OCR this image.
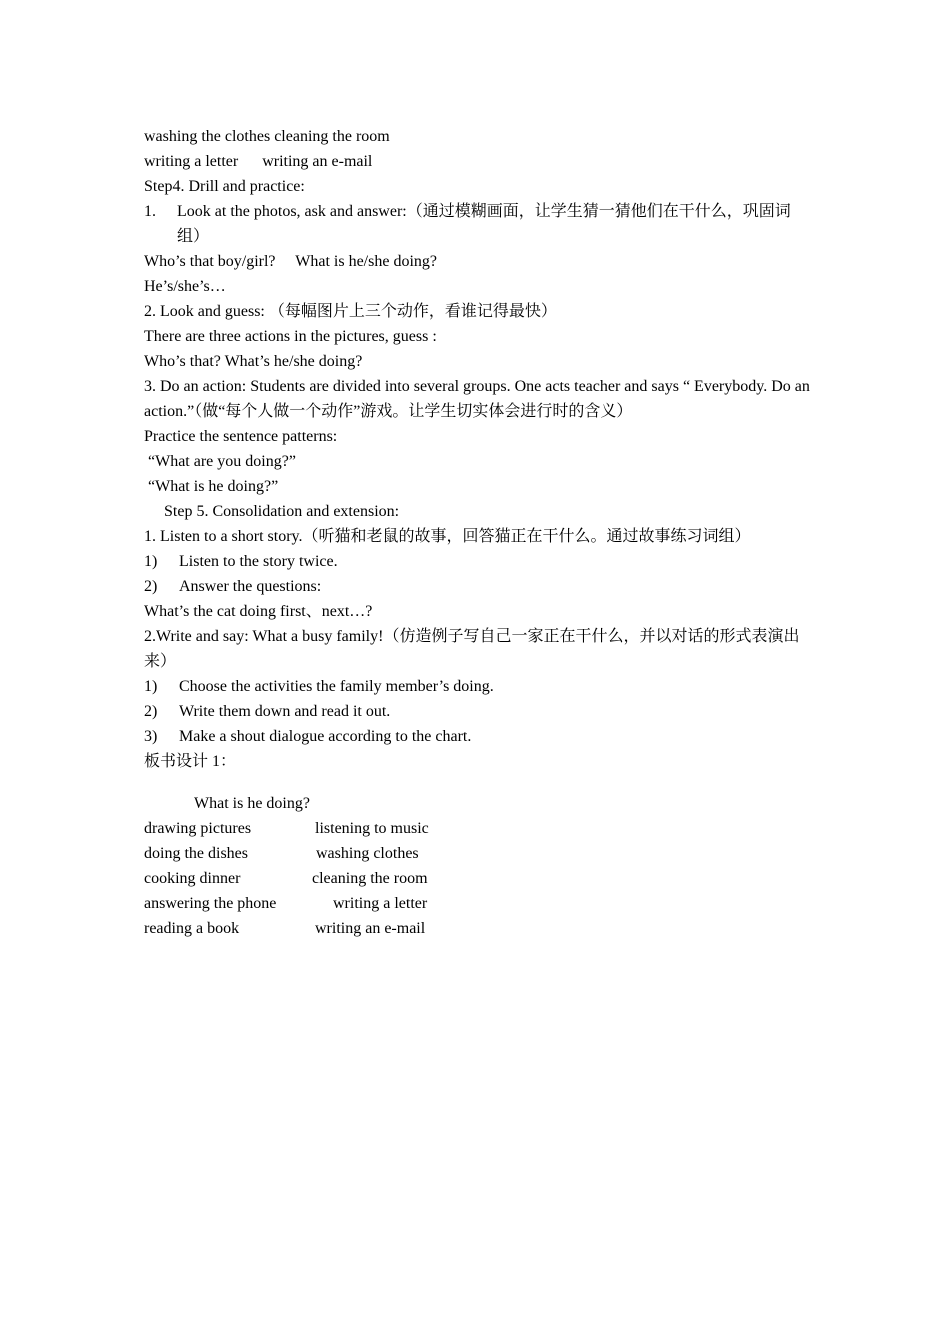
washing the clothes cleaning the room

writing a letter      writing an e-mail

Step4. Drill and practice:

1.	Look at the photos, ask and answer:（通过模糊画面，让学生猜一猜他们在干什么，巩固词组）

Who’s that boy/girl?     What is he/she doing?

He’s/she’s…

2. Look and guess: （每幅图片上三个动作，看谁记得最快）

There are three actions in the pictures, guess :

Who’s that? What’s he/she doing?

3. Do an action: Students are divided into several groups. One acts teacher and says “ Everybody. Do an action.”（做“每个人做一个动作”游戏。让学生切实体会进行时的含义）

Practice the sentence patterns:

“What are you doing?”

“What is he doing?”

Step 5. Consolidation and extension:

1. Listen to a short story.（听猫和老鼠的故事，回答猫正在干什么。通过故事练习词组）

1)	Listen to the story twice.
2)	Answer the questions:

What’s the cat doing first、next…?

2.Write and say: What a busy family!（仿造例子写自己一家正在干什么，并以对话的形式表演出来）

1)	Choose the activities the family member’s doing.
2)	Write them down and read it out.
3)	Make a shout dialogue according to the chart.

板书设计 1：

What is he doing?

drawing pictures	listening to music
doing the dishes	washing clothes
cooking dinner	cleaning the room
answering the phone	writing a letter
reading a book	writing an e-mail
